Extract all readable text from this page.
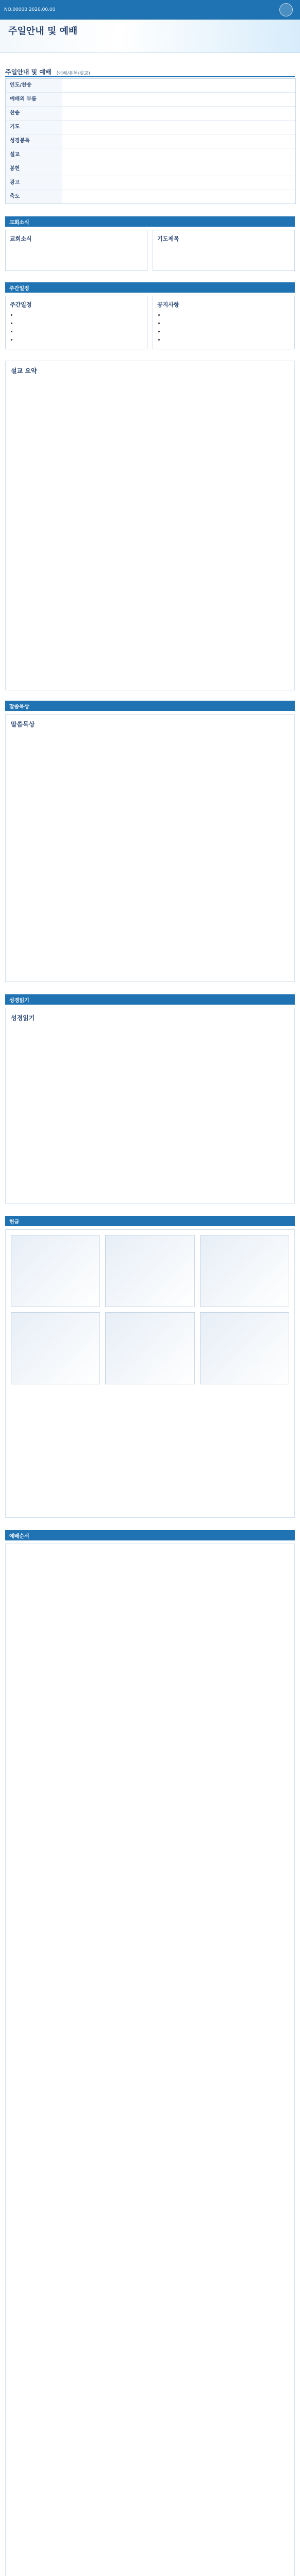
NO.00000 2020.00.00
주일안내 및 예배
주일안내 및 예배 (예배/봉헌/설교)
인도/찬송
예배의 부름
찬송
기도
성경봉독
설교
봉헌
광고
축도
교회소식
교회소식	기도제목
주간일정
주간일정
•
•
•
•	공지사항
•
•
•
•
설교 요약

말씀묵상
말씀묵상

성경읽기
성경읽기

헌금
예배순서
